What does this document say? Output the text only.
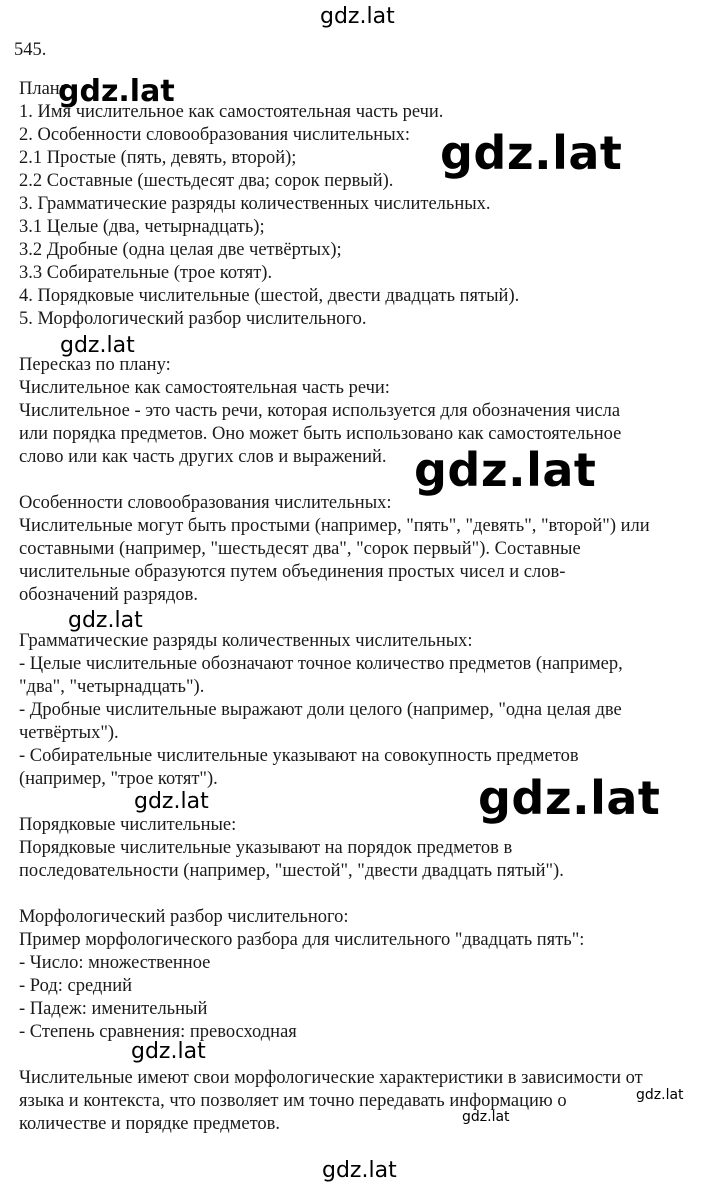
gdz.lat
545.
План:
1. Имя числительное как самостоятельная часть речи.
2. Особенности словообразования числительных:
2.1 Простые (пять, девять, второй);
2.2 Составные (шестьдесят два; сорок первый).
3. Грамматические разряды количественных числительных.
3.1 Целые (два, четырнадцать);
3.2 Дробные (одна целая две четвёртых);
3.3 Собирательные (трое котят).
4. Порядковые числительные (шестой, двести двадцать пятый).
5. Морфологический разбор числительного.
Пересказ по плану:
Числительное как самостоятельная часть речи:
Числительное - это часть речи, которая используется для обозначения числа
или порядка предметов. Оно может быть использовано как самостоятельное
слово или как часть других слов и выражений.
Особенности словообразования числительных:
Числительные могут быть простыми (например, "пять", "девять", "второй") или
составными (например, "шестьдесят два", "сорок первый"). Составные
числительные образуются путем объединения простых чисел и слов-
обозначений разрядов.
Грамматические разряды количественных числительных:
- Целые числительные обозначают точное количество предметов (например,
"два", "четырнадцать").
- Дробные числительные выражают доли целого (например, "одна целая две
четвёртых").
- Собирательные числительные указывают на совокупность предметов
(например, "трое котят").
Порядковые числительные:
Порядковые числительные указывают на порядок предметов в
последовательности (например, "шестой", "двести двадцать пятый").
Морфологический разбор числительного:
Пример морфологического разбора для числительного "двадцать пять":
- Число: множественное
- Род: средний
- Падеж: именительный
- Степень сравнения: превосходная
Числительные имеют свои морфологические характеристики в зависимости от
языка и контекста, что позволяет им точно передавать информацию о
количестве и порядке предметов.
gdz.lat
gdz.lat
gdz.lat
gdz.lat
gdz.lat
gdz.lat	gdz.lat
gdz.lat
gdz.lat
gdz.lat
gdz.lat
